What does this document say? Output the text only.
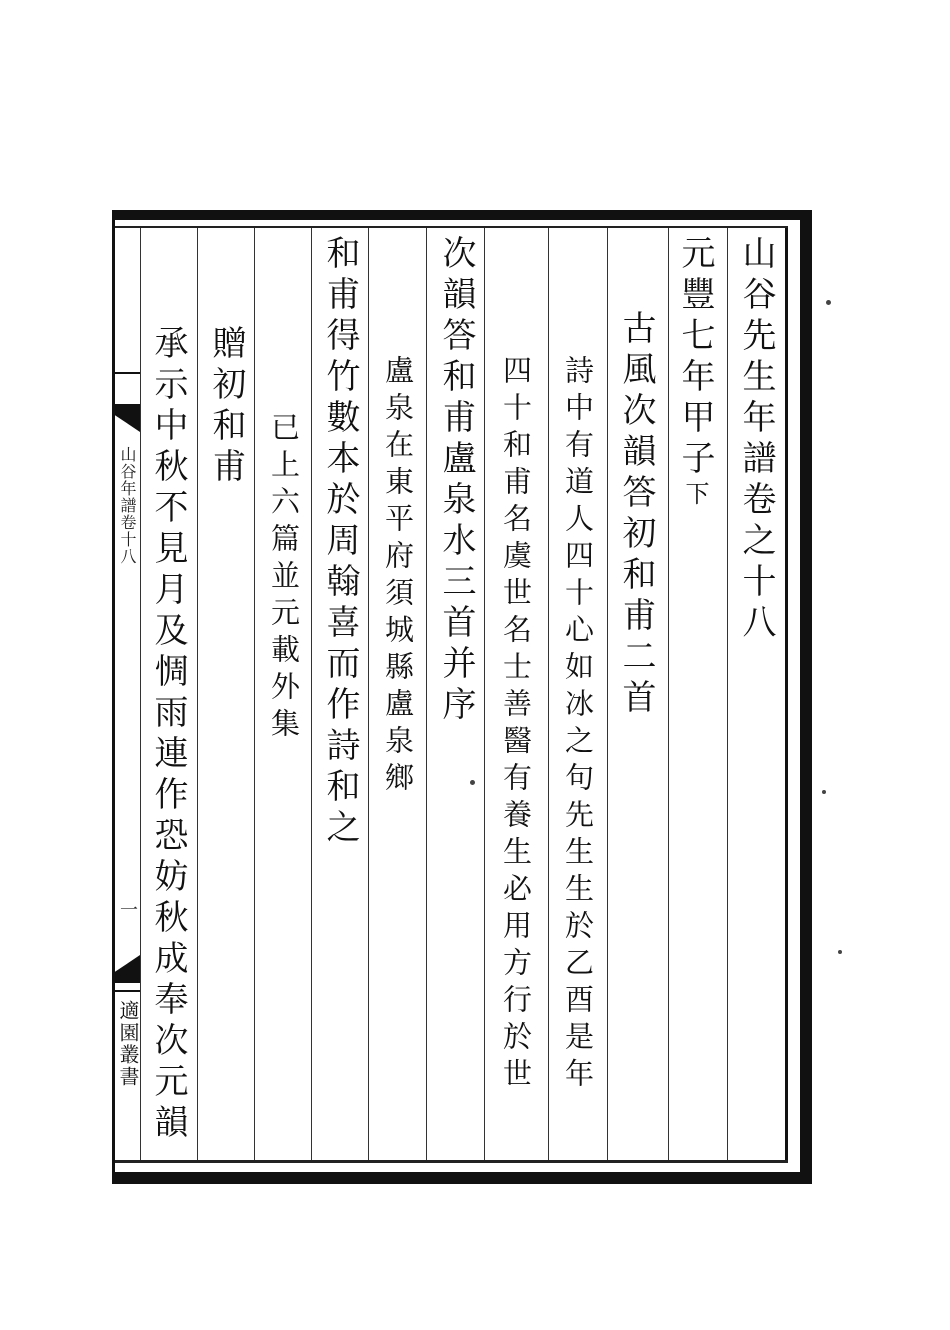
山谷年譜卷十八
一
適園叢書
山谷先生年譜卷之十八
元豐七年甲子下
古風次韻答初和甫二首
詩中有道人四十心如冰之句先生生於乙酉是年
四十和甫名虞世名士善醫有養生必用方行於世
次韻答和甫盧泉水三首并序
盧泉在東平府須城縣盧泉鄉
和甫得竹數本於周翰喜而作詩和之
已上六篇並元載外集
贈初和甫
承示中秋不見月及惆雨連作恐妨秋成奉次元韻
